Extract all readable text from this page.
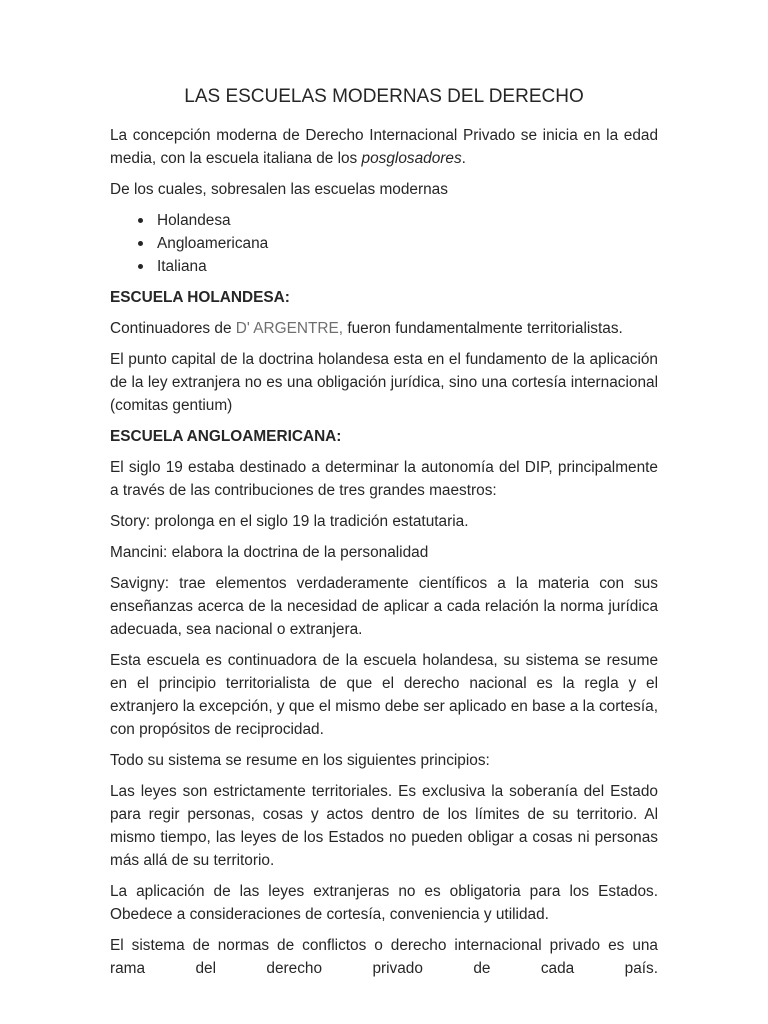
LAS ESCUELAS MODERNAS DEL DERECHO

La concepción moderna de Derecho Internacional Privado se inicia en la edad media, con la escuela italiana de los posglosadores.

De los cuales, sobresalen las escuelas modernas

Holandesa
Angloamericana
Italiana
ESCUELA HOLANDESA:

Continuadores de D' ARGENTRE, fueron fundamentalmente territorialistas.

El punto capital de la doctrina holandesa esta en el fundamento de la aplicación de la ley extranjera no es una obligación jurídica, sino una cortesía internacional (comitas gentium)

ESCUELA ANGLOAMERICANA:

El siglo 19 estaba destinado a determinar la autonomía del DIP, principalmente a través de las contribuciones de tres grandes maestros:

Story: prolonga en el siglo 19 la tradición estatutaria.

Mancini: elabora la doctrina de la personalidad

Savigny: trae elementos verdaderamente científicos a la materia con sus enseñanzas acerca de la necesidad de aplicar a cada relación la norma jurídica adecuada, sea nacional o extranjera.

Esta escuela es continuadora de la escuela holandesa, su sistema se resume en el principio territorialista de que el derecho nacional es la regla y el extranjero la excepción, y que el mismo debe ser aplicado en base a la cortesía, con propósitos de reciprocidad.

Todo su sistema se resume en los siguientes principios:

Las leyes son estrictamente territoriales. Es exclusiva la soberanía del Estado para regir personas, cosas y actos dentro de los límites de su territorio. Al mismo tiempo, las leyes de los Estados no pueden obligar a cosas ni personas más allá de su territorio.

La aplicación de las leyes extranjeras no es obligatoria para los Estados. Obedece a consideraciones de cortesía, conveniencia y utilidad.

El sistema de normas de conflictos o derecho internacional privado es una
rama del derecho privado de cada país.
